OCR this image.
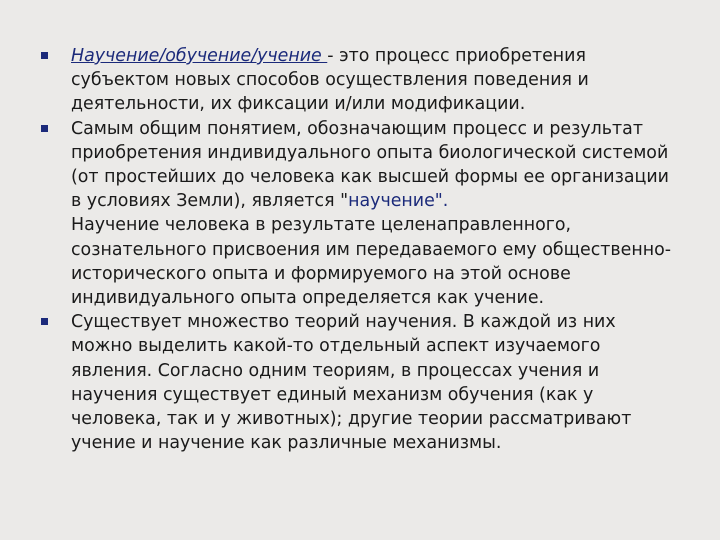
Научение/обучение/учение - это процесс приобретения субъектом новых способов осуществления поведения и деятельности, их фиксации и/или модификации.
Самым общим понятием, обозначающим процесс и результат приобретения индивидуального опыта биологической системой (от простейших до человека как высшей формы ее организации в условиях Земли), является "научение".
Научение человека в результате целенаправленного, сознательного присвоения им передаваемого ему общественно-исторического опыта и формируемого на этой основе индивидуального опыта определяется как учение.
Существует множество теорий научения. В каждой из них можно выделить какой-то отдельный аспект изучаемого явления. Согласно одним теориям, в процессах учения и научения существует единый механизм обучения (как у человека, так и у животных); другие теории рассматривают учение и научение как различные механизмы.
